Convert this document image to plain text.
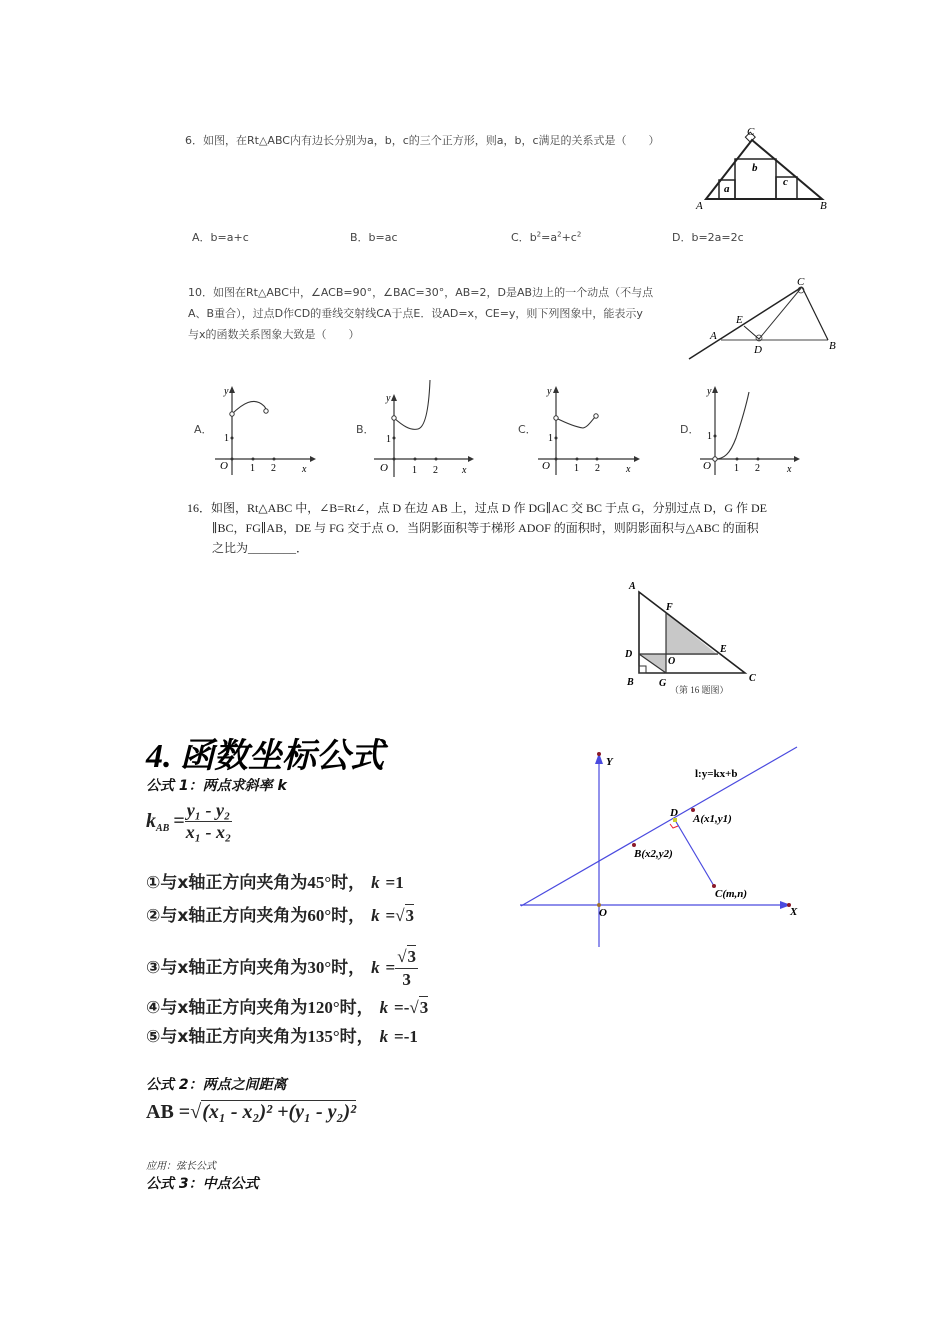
6．如图，在Rt△ABC内有边长分别为a，b，c的三个正方形，则a，b，c满足的关系式是（　　）
C
A	B
a
b
c
A．b=a+c	B．b=ac	C．$b^2=a^2+c^2$	D．b=2a=2c
10．如图在Rt△ABC中，∠ACB=90°，∠BAC=30°，AB=2，D是AB边上的一个动点（不与点
A、B重合），过点D作CD的垂线交射线CA于点E．设AD=x，CE=y，则下列图象中，能表示y
与x的函数关系图象大致是（　　）
C
A
B
E
D
A．
y
x
O 1 2
1
B．
y
x
O 1 2
1
C．
y
x
O 1 2
1
D．
y
x
O 1 2
1
16．如图，Rt△ABC 中，∠B=Rt∠，点 D 在边 AB 上，过点 D 作 DG∥AC 交 BC 于点 G，分别过点 D，G 作 DE
∥BC，FG∥AB，DE 与 FG 交于点 O．当阴影面积等于梯形 ADOF 的面积时，则阴影面积与△ABC 的面积
之比为________．
A
F
E
D
O
B	G	C
（第 16 题图）
4. 函数坐标公式
公式 1：两点求斜率 k
k AB = $\frac{\text{y₁ - y₂}}{\text{x₁ - x₂}}$
①与x轴正方向夹角为45°时， k =1
②与x轴正方向夹角为60°时， k =√3
③与x轴正方向夹角为 30° 时，
k
= $\frac{√3}{3}$
④与x轴正方向夹角为120°时， k =-√3
⑤与x轴正方向夹角为135°时， k =-1
公式 2：两点之间距离
AB =√(x₁ - x₂)² +(y₁ - y₂)²
应用：弦长公式
公式 3：中点公式
Y
X
O
l:y=kx+b
D A(x1,y1)
B(x2,y2)
C(m,n)
